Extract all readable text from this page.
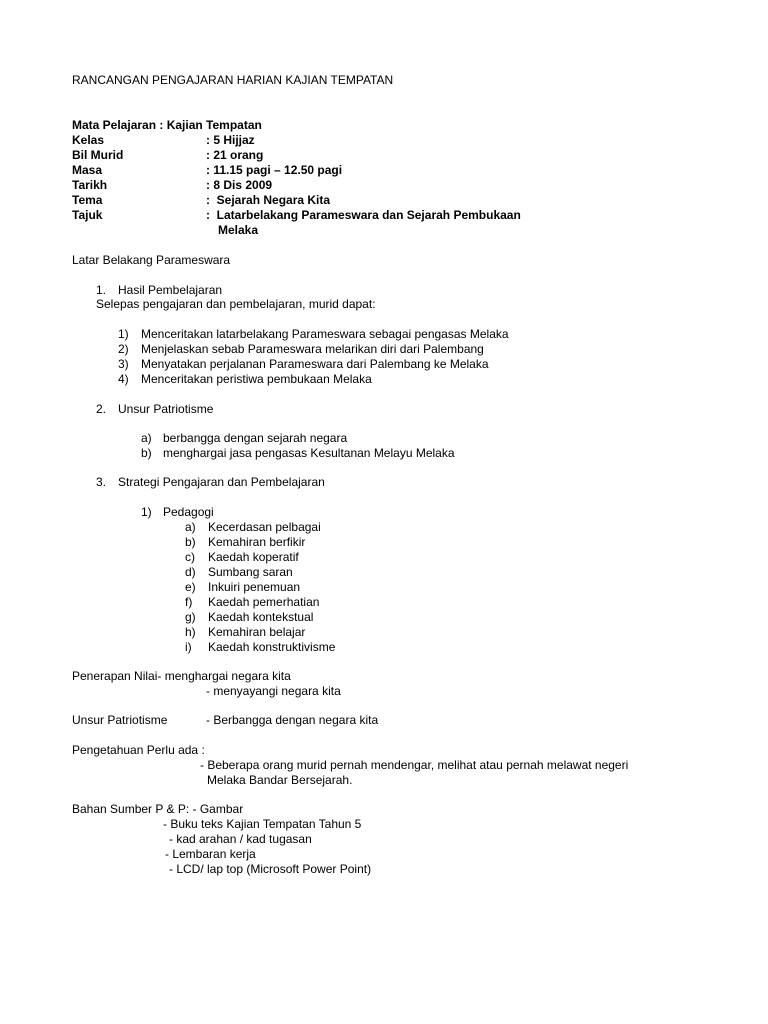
RANCANGAN PENGAJARAN HARIAN KAJIAN TEMPATAN
Mata Pelajaran : Kajian Tempatan
Kelas	: 5 Hijjaz
Bil Murid	: 21 orang
Masa	: 11.15 pagi – 12.50 pagi
Tarikh	: 8 Dis 2009
Tema	:  Sejarah Negara Kita
Tajuk	:  Latarbelakang Parameswara dan Sejarah Pembukaan
Melaka
Latar Belakang Parameswara
1. Hasil Pembelajaran
Selepas pengajaran dan pembelajaran, murid dapat:
1) Menceritakan latarbelakang Parameswara sebagai pengasas Melaka
2) Menjelaskan sebab Parameswara melarikan diri dari Palembang
3) Menyatakan perjalanan Parameswara dari Palembang ke Melaka
4) Menceritakan peristiwa pembukaan Melaka
2. Unsur Patriotisme
a) berbangga dengan sejarah negara
b) menghargai jasa pengasas Kesultanan Melayu Melaka
3. Strategi Pengajaran dan Pembelajaran
1) Pedagogi
a) Kecerdasan pelbagai
b) Kemahiran berfikir
c) Kaedah koperatif
d) Sumbang saran
e) Inkuiri penemuan
f) Kaedah pemerhatian
g) Kaedah kontekstual
h) Kemahiran belajar
i) Kaedah konstruktivisme
Penerapan Nilai- menghargai negara kita
- menyayangi negara kita
Unsur Patriotisme	- Berbangga dengan negara kita
Pengetahuan Perlu ada :
- Beberapa orang murid pernah mendengar, melihat atau pernah melawat negeri
Melaka Bandar Bersejarah.
Bahan Sumber P & P: - Gambar
- Buku teks Kajian Tempatan Tahun 5
- kad arahan / kad tugasan
- Lembaran kerja
- LCD/ lap top (Microsoft Power Point)
